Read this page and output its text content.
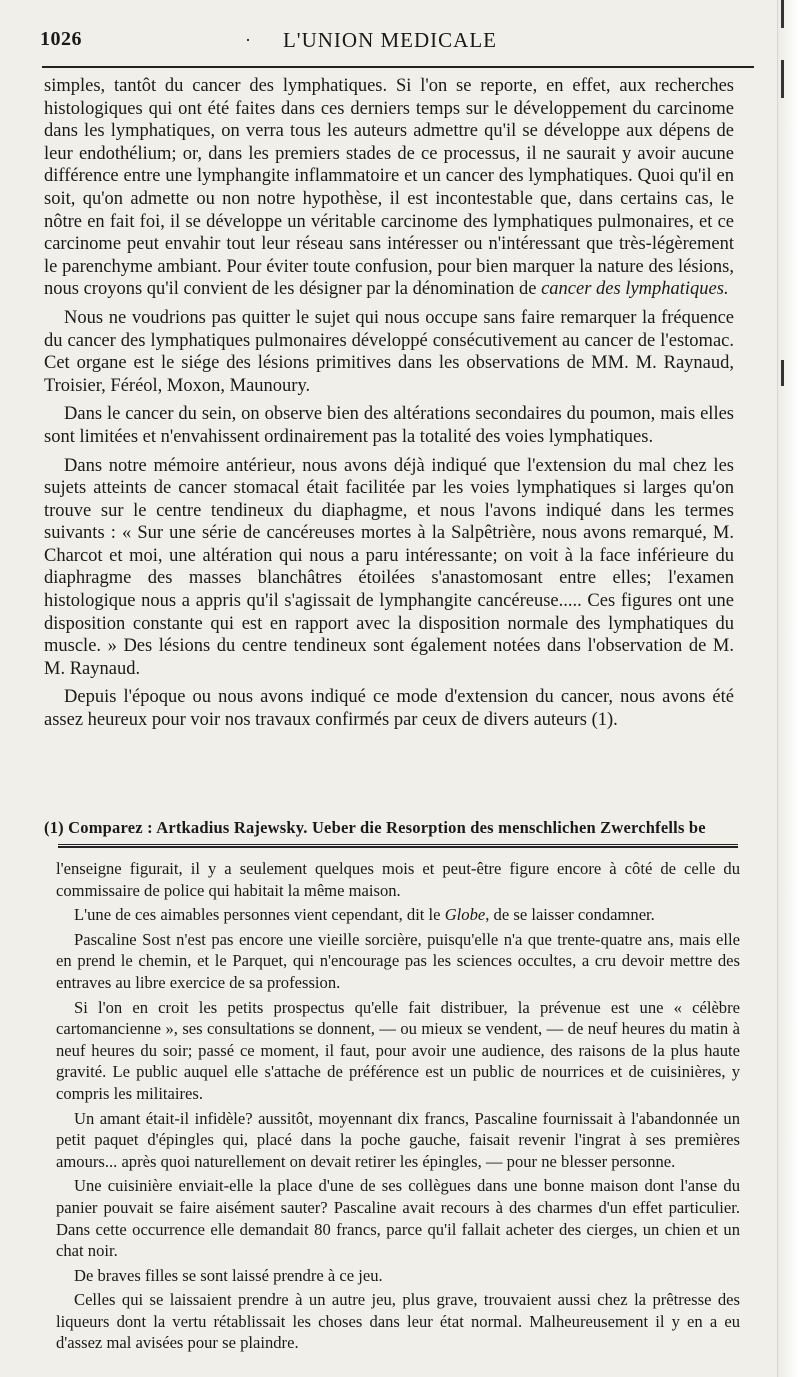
1026	·	L'UNION MEDICALE

simples, tantôt du cancer des lymphatiques. Si l'on se reporte, en effet, aux recherches histologiques qui ont été faites dans ces derniers temps sur le développement du carcinome dans les lymphatiques, on verra tous les auteurs admettre qu'il se développe aux dépens de leur endothélium; or, dans les premiers stades de ce processus, il ne saurait y avoir aucune différence entre une lymphangite inflammatoire et un cancer des lymphatiques. Quoi qu'il en soit, qu'on admette ou non notre hypothèse, il est incontestable que, dans certains cas, le nôtre en fait foi, il se développe un véritable carcinome des lymphatiques pulmonaires, et ce carcinome peut envahir tout leur réseau sans intéresser ou n'intéressant que très-légèrement le parenchyme ambiant. Pour éviter toute confusion, pour bien marquer la nature des lésions, nous croyons qu'il convient de les désigner par la dénomination de cancer des lymphatiques.

Nous ne voudrions pas quitter le sujet qui nous occupe sans faire remarquer la fréquence du cancer des lymphatiques pulmonaires développé consécutivement au cancer de l'estomac. Cet organe est le siége des lésions primitives dans les observations de MM. M. Raynaud, Troisier, Féréol, Moxon, Maunoury.

Dans le cancer du sein, on observe bien des altérations secondaires du poumon, mais elles sont limitées et n'envahissent ordinairement pas la totalité des voies lymphatiques.

Dans notre mémoire antérieur, nous avons déjà indiqué que l'extension du mal chez les sujets atteints de cancer stomacal était facilitée par les voies lymphatiques si larges qu'on trouve sur le centre tendineux du diaphagme, et nous l'avons indiqué dans les termes suivants : « Sur une série de cancéreuses mortes à la Salpêtrière, nous avons remarqué, M. Charcot et moi, une altération qui nous a paru intéressante; on voit à la face inférieure du diaphragme des masses blanchâtres étoilées s'anastomosant entre elles; l'examen histologique nous a appris qu'il s'agissait de lymphangite cancéreuse..... Ces figures ont une disposition constante qui est en rapport avec la disposition normale des lymphatiques du muscle. » Des lésions du centre tendineux sont également notées dans l'observation de M. M. Raynaud.

Depuis l'époque ou nous avons indiqué ce mode d'extension du cancer, nous avons été assez heureux pour voir nos travaux confirmés par ceux de divers auteurs (1).

(1) Comparez : Artkadius Rajewsky. Ueber die Resorption des menschlichen Zwerchfells be

l'enseigne figurait, il y a seulement quelques mois et peut-être figure encore à côté de celle du commissaire de police qui habitait la même maison.

L'une de ces aimables personnes vient cependant, dit le Globe, de se laisser condamner.

Pascaline Sost n'est pas encore une vieille sorcière, puisqu'elle n'a que trente-quatre ans, mais elle en prend le chemin, et le Parquet, qui n'encourage pas les sciences occultes, a cru devoir mettre des entraves au libre exercice de sa profession.

Si l'on en croit les petits prospectus qu'elle fait distribuer, la prévenue est une « célèbre cartomancienne », ses consultations se donnent, — ou mieux se vendent, — de neuf heures du matin à neuf heures du soir; passé ce moment, il faut, pour avoir une audience, des raisons de la plus haute gravité. Le public auquel elle s'attache de préférence est un public de nourrices et de cuisinières, y compris les militaires.

Un amant était-il infidèle? aussitôt, moyennant dix francs, Pascaline fournissait à l'abandonnée un petit paquet d'épingles qui, placé dans la poche gauche, faisait revenir l'ingrat à ses premières amours... après quoi naturellement on devait retirer les épingles, — pour ne blesser personne.

Une cuisinière enviait-elle la place d'une de ses collègues dans une bonne maison dont l'anse du panier pouvait se faire aisément sauter? Pascaline avait recours à des charmes d'un effet particulier. Dans cette occurrence elle demandait 80 francs, parce qu'il fallait acheter des cierges, un chien et un chat noir.

De braves filles se sont laissé prendre à ce jeu.

Celles qui se laissaient prendre à un autre jeu, plus grave, trouvaient aussi chez la prêtresse des liqueurs dont la vertu rétablissait les choses dans leur état normal. Malheureusement il y en a eu d'assez mal avisées pour se plaindre.
